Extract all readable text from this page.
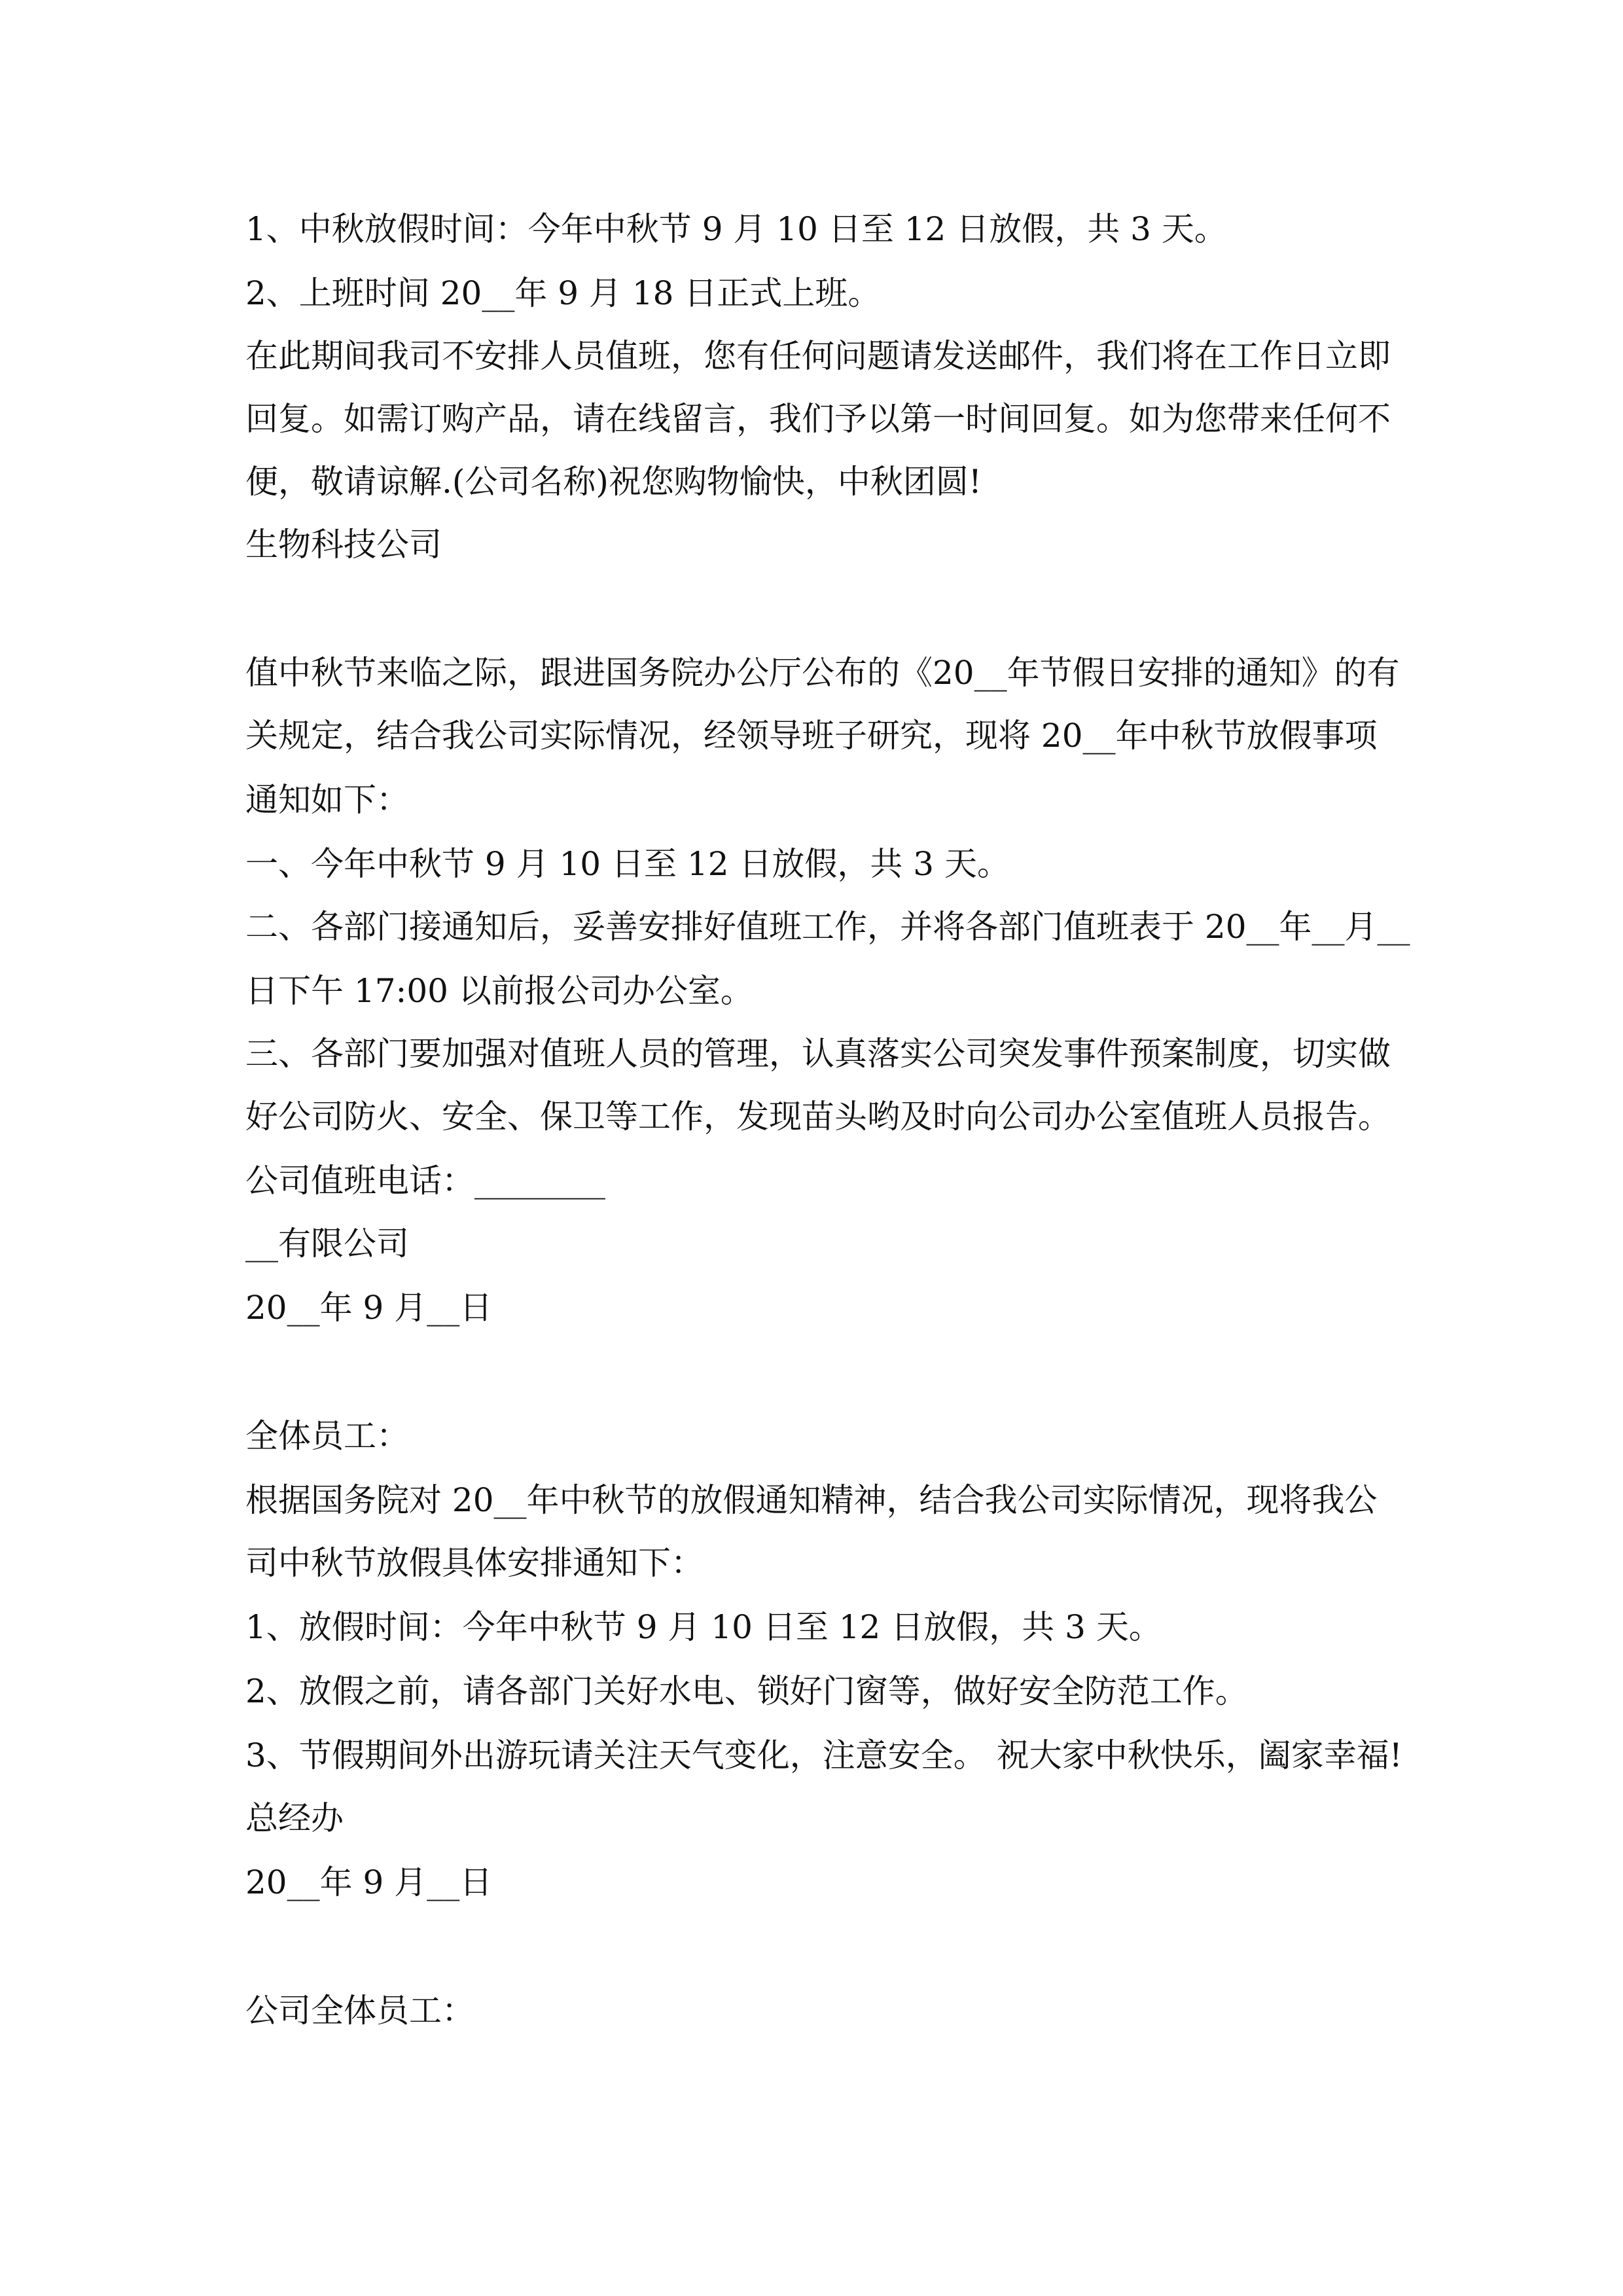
1、中秋放假时间：今年中秋节 9 月 10 日至 12 日放假，共 3 天。
2、上班时间 20__年 9 月 18 日正式上班。
在此期间我司不安排人员值班，您有任何问题请发送邮件，我们将在工作日立即
回复。如需订购产品，请在线留言，我们予以第一时间回复。如为您带来任何不
便，敬请谅解.(公司名称)祝您购物愉快，中秋团圆!
生物科技公司
值中秋节来临之际，跟进国务院办公厅公布的《20__年节假日安排的通知》的有
关规定，结合我公司实际情况，经领导班子研究，现将 20__年中秋节放假事项
通知如下：
一、今年中秋节 9 月 10 日至 12 日放假，共 3 天。
二、各部门接通知后，妥善安排好值班工作，并将各部门值班表于 20__年__月__
日下午 17:00 以前报公司办公室。
三、各部门要加强对值班人员的管理，认真落实公司突发事件预案制度，切实做
好公司防火、安全、保卫等工作，发现苗头哟及时向公司办公室值班人员报告。
公司值班电话：________
__有限公司
20__年 9 月__日
全体员工：
根据国务院对 20__年中秋节的放假通知精神，结合我公司实际情况，现将我公
司中秋节放假具体安排通知下：
1、放假时间：今年中秋节 9 月 10 日至 12 日放假，共 3 天。
2、放假之前，请各部门关好水电、锁好门窗等，做好安全防范工作。
3、节假期间外出游玩请关注天气变化，注意安全。 祝大家中秋快乐，阖家幸福!
总经办
20__年 9 月__日
公司全体员工：
